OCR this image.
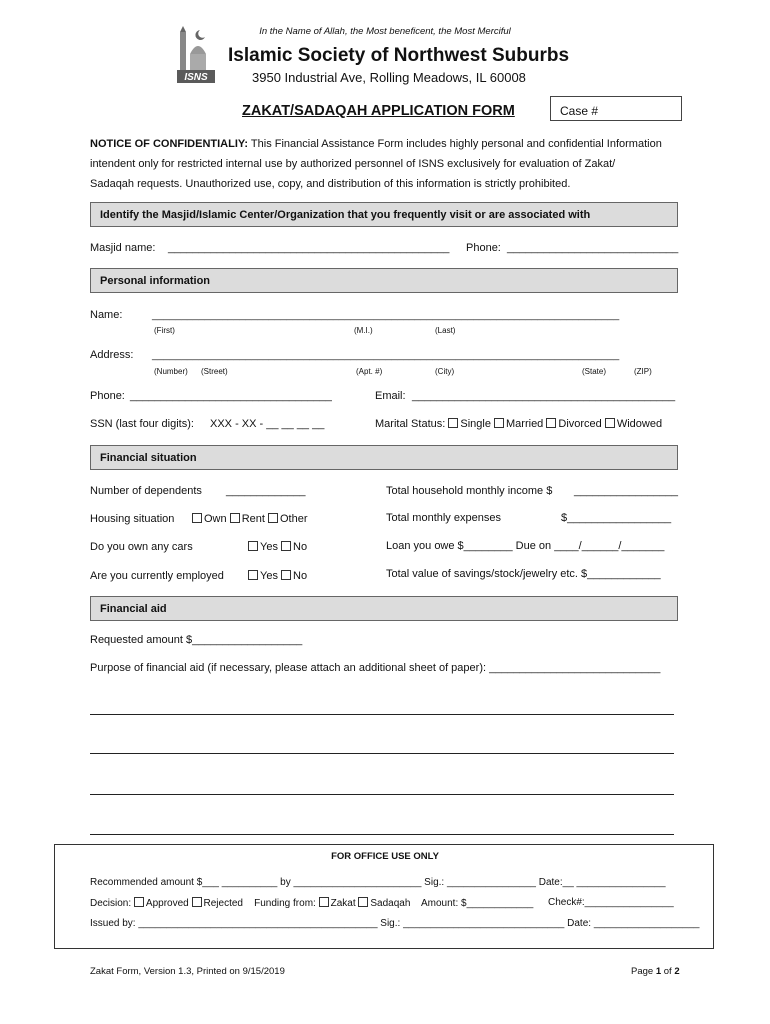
In the Name of Allah, the Most beneficent, the Most Merciful
ISNS
Islamic Society of Northwest Suburbs
3950 Industrial Ave, Rolling Meadows, IL 60008
ZAKAT/SADAQAH APPLICATION FORM	Case #
NOTICE OF CONFIDENTIALIY: This Financial Assistance Form includes highly personal and confidential Information
intendent only for restricted internal use by authorized personnel of ISNS exclusively for evaluation of Zakat/
Sadaqah requests. Unauthorized use, copy, and distribution of this information is strictly prohibited.
Identify the Masjid/Islamic Center/Organization that you frequently visit or are associated with
Masjid name: ______________________________________________ Phone: ____________________________
Personal information
Name:	________________________________________________________________________________
(First)	(M.I.)	(Last)
Address: ________________________________________________________________________________
(Number) (Street)	(Apt. #)	(City)	(State)	(ZIP)
Phone: _________________________________	Email: ___________________________________________
SSN (last four digits): XXX - XX - __ __ __ __	Marital Status: Single Married Divorced Widowed
Financial situation
Number of dependents _____________	Total household monthly income $ _________________
Housing situation	Own Rent Other	Total monthly expenses	$_________________
Do you own any cars	Yes No	Loan you owe $________ Due on ____/______/_______
Are you currently employed	Yes No	Total value of savings/stock/jewelry etc. $____________
Financial aid
Requested amount $__________________
Purpose of financial aid (if necessary, please attach an additional sheet of paper): ____________________________
FOR OFFICE USE ONLY
Recommended amount $___ __________ by _______________________ Sig.: ________________ Date:__ ________________
Decision: Approved Rejected Funding from: Zakat Sadaqah Amount: $____________ Check#:________________
Issued by: ___________________________________________ Sig.: _____________________________ Date: ___________________
Zakat Form, Version 1.3, Printed on 9/15/2019	Page 1 of 2
